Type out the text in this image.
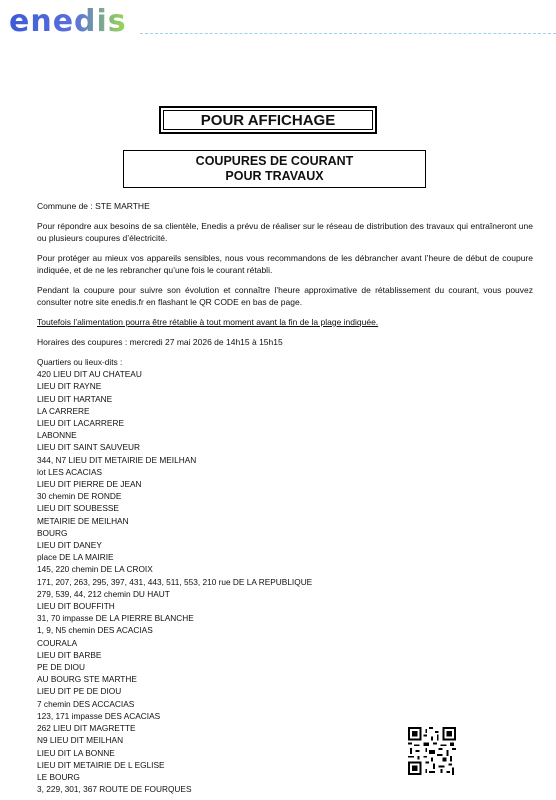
enedis
POUR AFFICHAGE
COUPURES DE COURANT
POUR TRAVAUX

Commune de : STE MARTHE

Pour répondre aux besoins de sa clientèle, Enedis a prévu de réaliser sur le réseau de distribution des travaux qui entraîneront une ou plusieurs coupures d’électricité.

Pour protéger au mieux vos appareils sensibles, nous vous recommandons de les débrancher avant l’heure de début de coupure indiquée, et de ne les rebrancher qu’une fois le courant rétabli.

Pendant la coupure pour suivre son évolution et connaître l’heure approximative de rétablissement du courant, vous pouvez consulter notre site enedis.fr en flashant le QR CODE en bas de page.

Toutefois l’alimentation pourra être rétablie à tout moment avant la fin de la plage indiquée.

Horaires des coupures : mercredi 27 mai 2026 de 14h15 à 15h15

Quartiers ou lieux-dits :
420 LIEU DIT AU CHATEAU
LIEU DIT RAYNE
LIEU DIT HARTANE
LA CARRERE
LIEU DIT LACARRERE
LABONNE
LIEU DIT SAINT SAUVEUR
344, N7 LIEU DIT METAIRIE DE MEILHAN
lot LES ACACIAS
LIEU DIT PIERRE DE JEAN
30 chemin DE RONDE
LIEU DIT SOUBESSE
METAIRIE DE MEILHAN
BOURG
LIEU DIT DANEY
place DE LA MAIRIE
145, 220 chemin DE LA CROIX
171, 207, 263, 295, 397, 431, 443, 511, 553, 210 rue DE LA REPUBLIQUE
279, 539, 44, 212 chemin DU HAUT
LIEU DIT BOUFFITH
31, 70 impasse DE LA PIERRE BLANCHE
1, 9, N5 chemin DES ACACIAS
COURALA
LIEU DIT BARBE
PE DE DIOU
AU BOURG STE MARTHE
LIEU DIT PE DE DIOU
7 chemin DES ACCACIAS
123, 171 impasse DES ACACIAS
262 LIEU DIT MAGRETTE
N9 LIEU DIT MEILHAN
LIEU DIT LA BONNE
LIEU DIT METAIRIE DE L EGLISE
LE BOURG
3, 229, 301, 367 ROUTE DE FOURQUES
